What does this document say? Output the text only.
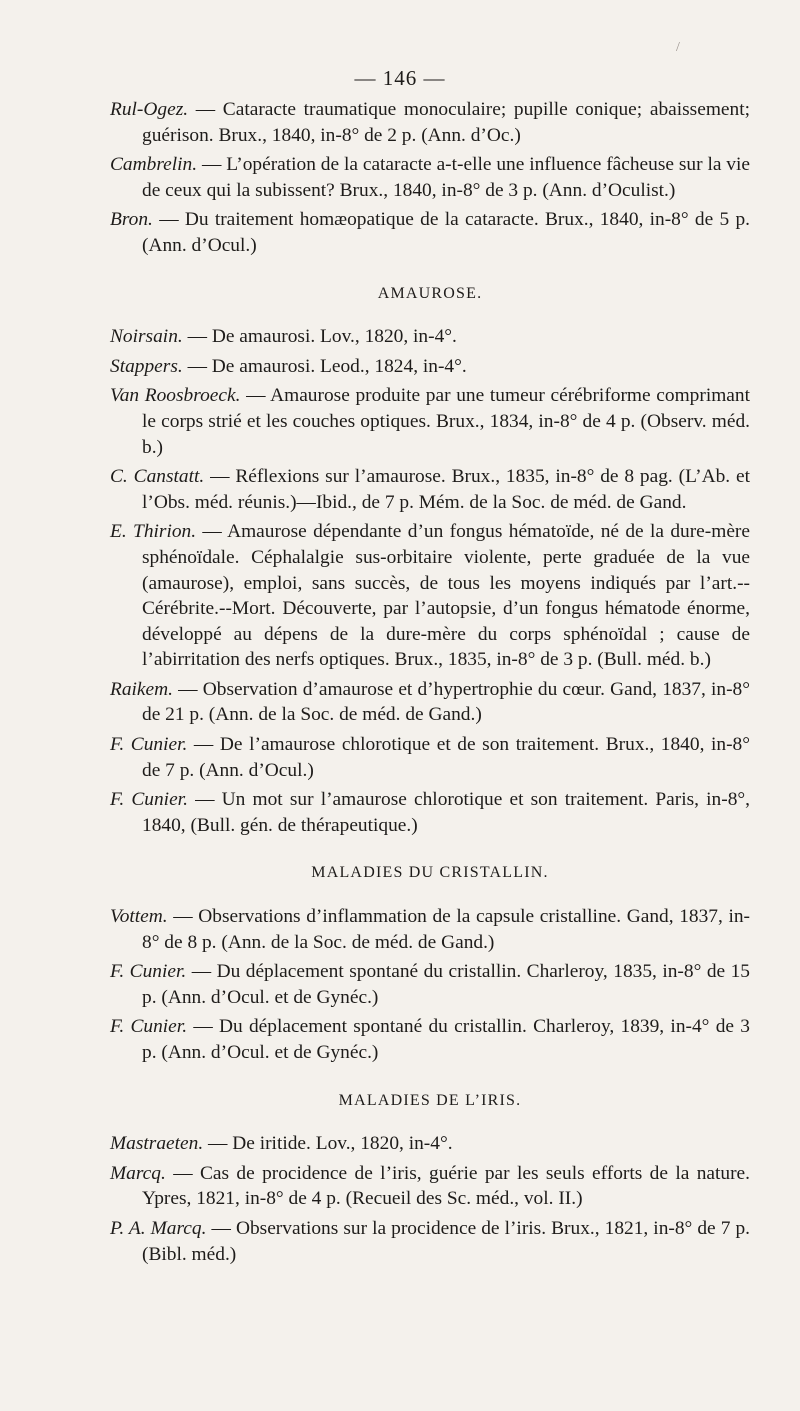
/
— 146 —

Rul-Ogez. — Cataracte traumatique monoculaire; pupille conique; abaissement; guérison. Brux., 1840, in-8° de 2 p. (Ann. d’Oc.)

Cambrelin. — L’opération de la cataracte a-t-elle une influence fâcheuse sur la vie de ceux qui la subissent? Brux., 1840, in-8° de 3 p. (Ann. d’Oculist.)

Bron. — Du traitement homæopatique de la cataracte. Brux., 1840, in-8° de 5 p. (Ann. d’Ocul.)

AMAUROSE.

Noirsain. — De amaurosi. Lov., 1820, in-4°.

Stappers. — De amaurosi. Leod., 1824, in-4°.

Van Roosbroeck. — Amaurose produite par une tumeur cérébriforme comprimant le corps strié et les couches optiques. Brux., 1834, in-8° de 4 p. (Observ. méd. b.)

C. Canstatt. — Réflexions sur l’amaurose. Brux., 1835, in-8° de 8 pag. (L’Ab. et l’Obs. méd. réunis.)—Ibid., de 7 p. Mém. de la Soc. de méd. de Gand.

E. Thirion. — Amaurose dépendante d’un fongus hématoïde, né de la dure-mère sphénoïdale. Céphalalgie sus-orbitaire violente, perte graduée de la vue (amaurose), emploi, sans succès, de tous les moyens indiqués par l’art.--Cérébrite.--Mort. Découverte, par l’autopsie, d’un fongus hématode énorme, développé au dépens de la dure-mère du corps sphénoïdal ; cause de l’abirritation des nerfs optiques. Brux., 1835, in-8° de 3 p. (Bull. méd. b.)

Raikem. — Observation d’amaurose et d’hypertrophie du cœur. Gand, 1837, in-8° de 21 p. (Ann. de la Soc. de méd. de Gand.)

F. Cunier. — De l’amaurose chlorotique et de son traitement. Brux., 1840, in-8° de 7 p. (Ann. d’Ocul.)

F. Cunier. — Un mot sur l’amaurose chlorotique et son traitement. Paris, in-8°, 1840, (Bull. gén. de thérapeutique.)

MALADIES DU CRISTALLIN.

Vottem. — Observations d’inflammation de la capsule cristalline. Gand, 1837, in-8° de 8 p. (Ann. de la Soc. de méd. de Gand.)

F. Cunier. — Du déplacement spontané du cristallin. Charleroy, 1835, in-8° de 15 p. (Ann. d’Ocul. et de Gynéc.)

F. Cunier. — Du déplacement spontané du cristallin. Charleroy, 1839, in-4° de 3 p. (Ann. d’Ocul. et de Gynéc.)

MALADIES DE L’IRIS.

Mastraeten. — De iritide. Lov., 1820, in-4°.

Marcq. — Cas de procidence de l’iris, guérie par les seuls efforts de la nature. Ypres, 1821, in-8° de 4 p. (Recueil des Sc. méd., vol. II.)

P. A. Marcq. — Observations sur la procidence de l’iris. Brux., 1821, in-8° de 7 p. (Bibl. méd.)
